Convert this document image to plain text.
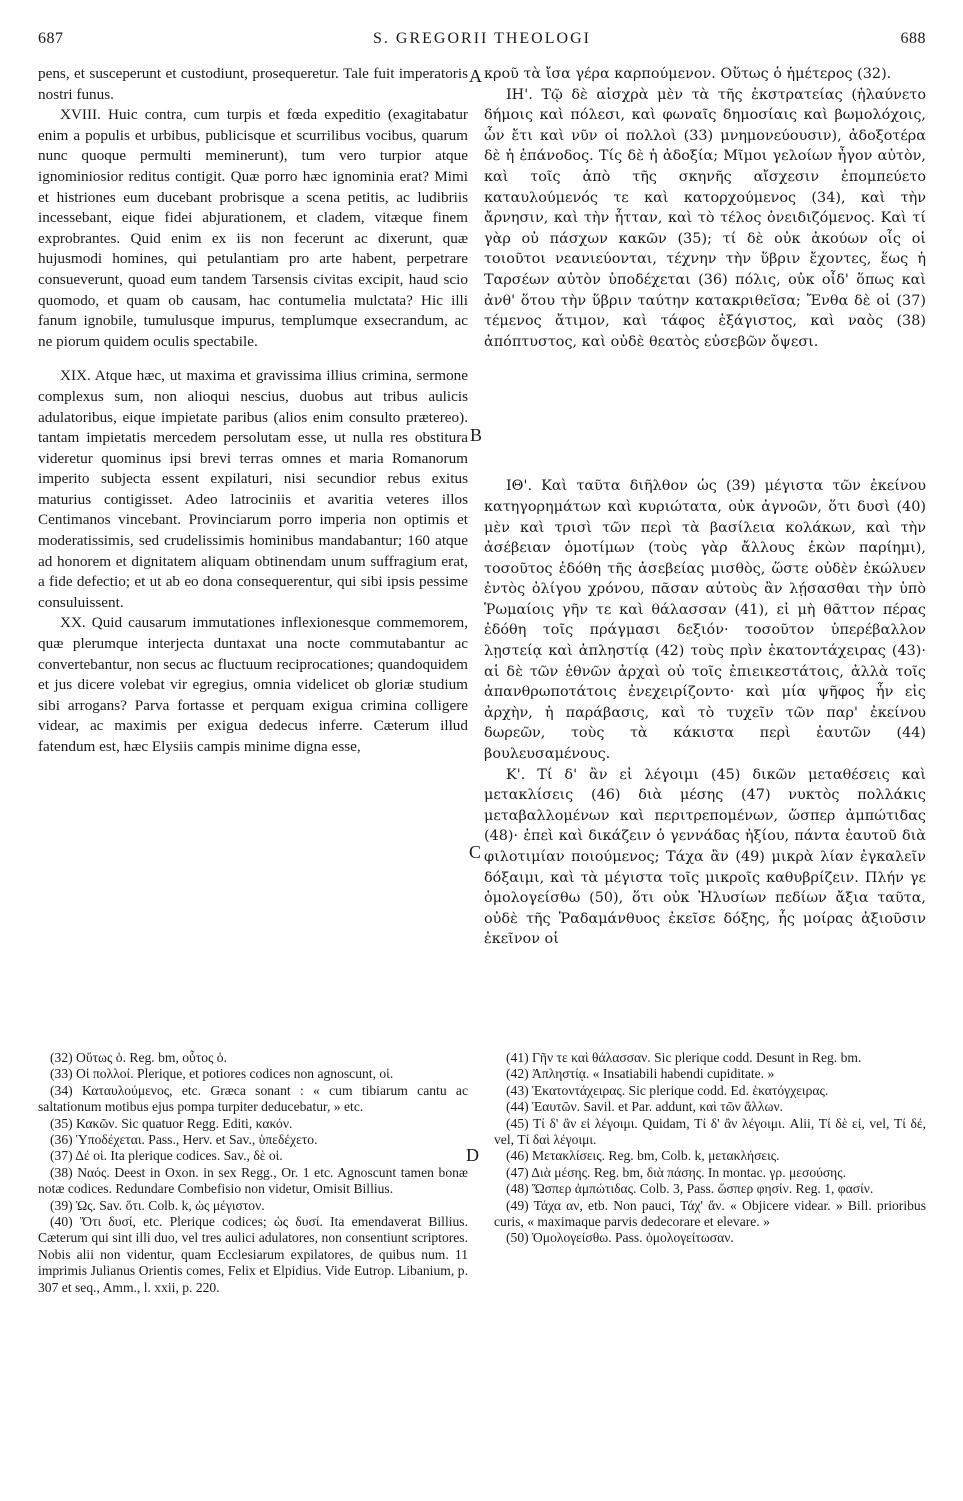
687	S. GREGORII THEOLOGI	688

pens, et susceperunt et custodiunt, prosequeretur. Tale fuit imperatoris nostri funus.

XVIII. Huic contra, cum turpis et fœda expeditio (exagitabatur enim a populis et urbibus, publicisque et scurrilibus vocibus, quarum nunc quoque permulti meminerunt), tum vero turpior atque ignominiosior reditus contigit. Quæ porro hæc ignominia erat? Mimi et histriones eum ducebant probrisque a scena petitis, ac ludibriis incessebant, eique fidei abjurationem, et cladem, vitæque finem exprobrantes. Quid enim ex iis non fecerunt ac dixerunt, quæ hujusmodi homines, qui petulantiam pro arte habent, perpetrare consueverunt, quoad eum tandem Tarsensis civitas excipit, haud scio quomodo, et quam ob causam, hac contumelia mulctata? Hic illi fanum ignobile, tumulusque impurus, templumque exsecrandum, ac ne piorum quidem oculis spectabile.

XIX. Atque hæc, ut maxima et gravissima illius crimina, sermone complexus sum, non alioqui nescius, duobus aut tribus aulicis adulatoribus, eique impietate paribus (alios enim consulto prætereo). tantam impietatis mercedem persolutam esse, ut nulla res obstitura videretur quominus ipsi brevi terras omnes et maria Romanorum imperito subjecta essent expilaturi, nisi secundior rebus exitus maturius contigisset. Adeo latrociniis et avaritia veteres illos Centimanos vincebant. Provinciarum porro imperia non optimis et moderatissimis, sed crudelissimis hominibus mandabantur; 160 atque ad honorem et dignitatem aliquam obtinendam unum suffragium erat, a fide defectio; et ut ab eo dona consequerentur, qui sibi ipsis pessime consuluissent.

XX. Quid causarum immutationes inflexionesque commemorem, quæ plerumque interjecta duntaxat una nocte commutabantur ac convertebantur, non secus ac fluctuum reciprocationes; quandoquidem et jus dicere volebat vir egregius, omnia videlicet ob gloriæ studium sibi arrogans? Parva fortasse et perquam exigua crimina colligere videar, ac maximis per exigua dedecus inferre. Cæterum illud fatendum est, hæc Elysiis campis minime digna esse,

A
B
C
D

κροῦ τὰ ἴσα γέρα καρπούμενον. Οὕτως ὁ ἡμέτερος (32).

ΙΗ'. Τῷ δὲ αἰσχρὰ μὲν τὰ τῆς ἐκστρατείας (ἠλαύνετο δήμοις καὶ πόλεσι, καὶ φωναῖς δημοσίαις καὶ βωμολόχοις, ὧν ἔτι καὶ νῦν οἱ πολλοὶ (33) μνημονεύουσιν), ἀδοξοτέρα δὲ ἡ ἐπάνοδος. Τίς δὲ ἡ ἀδοξία; Μῖμοι γελοίων ἦγον αὐτὸν, καὶ τοῖς ἀπὸ τῆς σκηνῆς αἴσχεσιν ἐπομπεύετο καταυλούμενός τε καὶ κατορχούμενος (34), καὶ τὴν ἄρνησιν, καὶ τὴν ἧτταν, καὶ τὸ τέλος ὀνειδιζόμενος. Καὶ τί γὰρ οὐ πάσχων κακῶν (35); τί δὲ οὐκ ἀκούων οἷς οἱ τοιοῦτοι νεανιεύονται, τέχνην τὴν ὕβριν ἔχοντες, ἕως ἡ Ταρσέων αὐτὸν ὑποδέχεται (36) πόλις, οὐκ οἶδ' ὅπως καὶ ἀνθ' ὅτου τὴν ὕβριν ταύτην κατακριθεῖσα; Ἔνθα δὲ οἱ (37) τέμενος ἄτιμον, καὶ τάφος ἐξάγιστος, καὶ ναὸς (38) ἀπόπτυστος, καὶ οὐδὲ θεατὸς εὐσεβῶν ὄψεσι.

ΙΘ'. Καὶ ταῦτα διῆλθον ὡς (39) μέγιστα τῶν ἐκείνου κατηγορημάτων καὶ κυριώτατα, οὐκ ἀγνοῶν, ὅτι δυσὶ (40) μὲν καὶ τρισὶ τῶν περὶ τὰ βασίλεια κολάκων, καὶ τὴν ἀσέβειαν ὁμοτίμων (τοὺς γὰρ ἄλλους ἑκὼν παρίημι), τοσοῦτος ἐδόθη τῆς ἀσεβείας μισθὸς, ὥστε οὐδὲν ἐκώλυεν ἐντὸς ὀλίγου χρόνου, πᾶσαν αὐτοὺς ἂν λῄσασθαι τὴν ὑπὸ Ῥωμαίοις γῆν τε καὶ θάλασσαν (41), εἰ μὴ θᾶττον πέρας ἐδόθη τοῖς πράγμασι δεξιόν· τοσοῦτον ὑπερέβαλλον λῃστείᾳ καὶ ἀπληστίᾳ (42) τοὺς πρὶν ἑκατοντάχειρας (43)· αἱ δὲ τῶν ἐθνῶν ἀρχαὶ οὐ τοῖς ἐπιεικεστάτοις, ἀλλὰ τοῖς ἀπανθρωποτάτοις ἐνεχειρίζοντο· καὶ μία ψῆφος ἦν εἰς ἀρχὴν, ἡ παράβασις, καὶ τὸ τυχεῖν τῶν παρ' ἐκείνου δωρεῶν, τοὺς τὰ κάκιστα περὶ ἑαυτῶν (44) βουλευσαμένους.

Κ'. Τί δ' ἂν εἰ λέγοιμι (45) δικῶν μεταθέσεις καὶ μετακλίσεις (46) διὰ μέσης (47) νυκτὸς πολλάκις μεταβαλλομένων καὶ περιτρεπομένων, ὥσπερ ἀμπώτιδας (48)· ἐπεὶ καὶ δικάζειν ὁ γεννάδας ἠξίου, πάντα ἑαυτοῦ διὰ φιλοτιμίαν ποιούμενος; Τάχα ἂν (49) μικρὰ λίαν ἐγκαλεῖν δόξαιμι, καὶ τὰ μέγιστα τοῖς μικροῖς καθυβρίζειν. Πλήν γε ὁμολογείσθω (50), ὅτι οὐκ Ἠλυσίων πεδίων ἄξια ταῦτα, οὐδὲ τῆς Ῥαδαμάνθυος ἐκεῖσε δόξης, ἧς μοίρας ἀξιοῦσιν ἐκεῖνον οἱ

(32) Οὕτως ὁ. Reg. bm, οὗτος ὁ.

(33) Οἱ πολλοί. Plerique, et potiores codices non agnoscunt, οἱ.

(34) Καταυλούμενος, etc. Græca sonant : « cum tibiarum cantu ac saltationum motibus ejus pompa turpiter deducebatur, » etc.

(35) Κακῶν. Sic quatuor Regg. Editi, κακόν.

(36) Ὑποδέχεται. Pass., Herv. et Sav., ὑπεδέχετο.

(37) Δέ οἱ. Ita plerique codices. Sav., δὲ οἱ.

(38) Ναός. Deest in Oxon. in sex Regg., Or. 1 etc. Agnoscunt tamen bonæ notæ codices. Redundare Combefisio non videtur, Omisit Billius.

(39) Ὡς. Sav. ὅτι. Colb. k, ὡς μέγιστον.

(40) Ὅτι δυσί, etc. Plerique codices; ὡς δυσί. Ita emendaverat Billius. Cæterum qui sint illi duo, vel tres aulici adulatores, non consentiunt scriptores. Nobis alii non videntur, quam Ecclesiarum expilatores, de quibus num. 11 imprimis Julianus Orientis comes, Felix et Elpidius. Vide Eutrop. Libanium, p. 307 et seq., Amm., l. xxii, p. 220.

(41) Γῆν τε καὶ θάλασσαν. Sic plerique codd. Desunt in Reg. bm.

(42) Ἀπληστίᾳ. « Insatiabili habendi cupiditate. »

(43) Ἑκατοντάχειρας. Sic plerique codd. Ed. ἑκατόγχειρας.

(44) Ἑαυτῶν. Savil. et Par. addunt, καὶ τῶν ἄλλων.

(45) Τί δ' ἂν εἰ λέγοιμι. Quidam, Τί δ' ἂν λέγοιμι. Alii, Τί δὲ εἰ, vel, Τί δέ, vel, Τί δαὶ λέγοιμι.

(46) Μετακλίσεις. Reg. bm, Colb. k, μετακλήσεις.

(47) Διὰ μέσης. Reg. bm, διὰ πάσης. In montac. γρ. μεσούσης.

(48) Ὥσπερ ἀμπώτιδας. Colb. 3, Pass. ὥσπερ φησίν. Reg. 1, φασίν.

(49) Τάχα αν, etb. Non pauci, Τάχ' ἄν. « Objicere videar. » Bill. prioribus curis, « maximaque parvis dedecorare et elevare. »

(50) Ὁμολογείσθω. Pass. ὁμολογείτωσαν.
